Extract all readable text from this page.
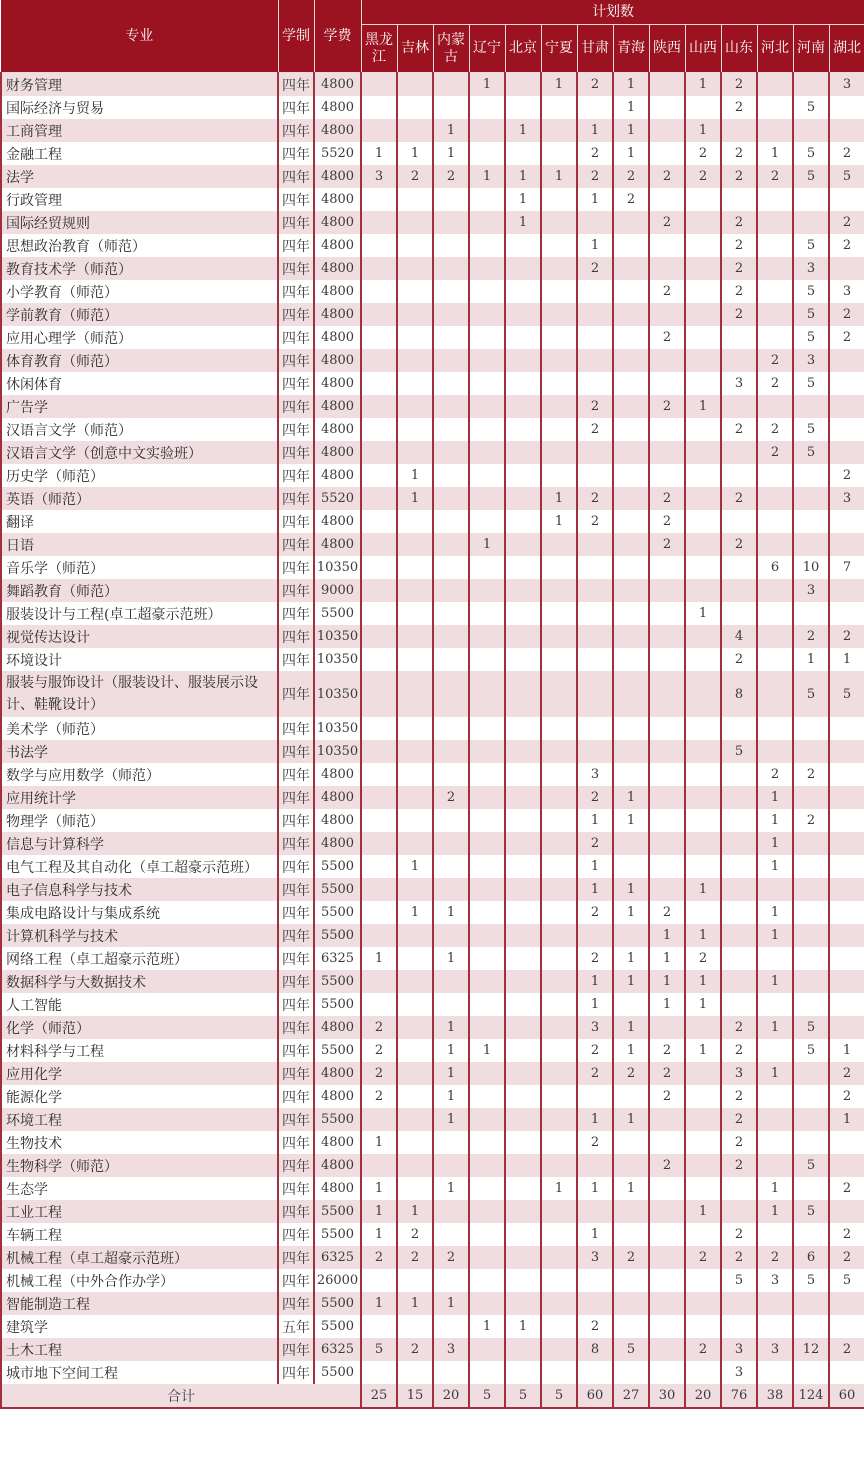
专业	学制	学费	计划数													
			黑龙江	吉林	内蒙古	辽宁	北京	宁夏	甘肃	青海	陕西	山西	山东	河北	河南	湖北
财务管理	四年	4800				1		1	2	1		1	2			3
国际经济与贸易	四年	4800								1			2		5	
工商管理	四年	4800			1		1		1	1		1				
金融工程	四年	5520	1	1	1				2	1		2	2	1	5	2
法学	四年	4800	3	2	2	1	1	1	2	2	2	2	2	2	5	5
行政管理	四年	4800					1		1	2						
国际经贸规则	四年	4800					1				2		2			2
思想政治教育（师范）	四年	4800							1				2		5	2
教育技术学（师范）	四年	4800							2				2		3	
小学教育（师范）	四年	4800									2		2		5	3
学前教育（师范）	四年	4800											2		5	2
应用心理学（师范）	四年	4800									2				5	2
体育教育（师范）	四年	4800												2	3	
休闲体育	四年	4800											3	2	5	
广告学	四年	4800							2		2	1				
汉语言文学（师范）	四年	4800							2				2	2	5	
汉语言文学（创意中文实验班）	四年	4800												2	5	
历史学（师范）	四年	4800		1												2
英语（师范）	四年	5520		1				1	2		2		2			3
翻译	四年	4800						1	2		2					
日语	四年	4800				1					2		2			
音乐学（师范）	四年	10350												6	10	7
舞蹈教育（师范）	四年	9000													3	
服装设计与工程(卓工超豪示范班）	四年	5500										1				
视觉传达设计	四年	10350											4		2	2
环境设计	四年	10350											2		1	1
服装与服饰设计（服装设计、服装展示设计、鞋靴设计）	四年	10350											8		5	5
美术学（师范）	四年	10350														
书法学	四年	10350											5			
数学与应用数学（师范）	四年	4800							3					2	2	
应用统计学	四年	4800			2				2	1				1		
物理学（师范）	四年	4800							1	1				1	2	
信息与计算科学	四年	4800							2					1		
电气工程及其自动化（卓工超豪示范班）	四年	5500		1					1					1		
电子信息科学与技术	四年	5500							1	1		1				
集成电路设计与集成系统	四年	5500		1	1				2	1	2			1		
计算机科学与技术	四年	5500									1	1		1		
网络工程（卓工超豪示范班）	四年	6325	1		1				2	1	1	2				
数据科学与大数据技术	四年	5500							1	1	1	1		1		
人工智能	四年	5500							1		1	1				
化学（师范）	四年	4800	2		1				3	1			2	1	5	
材料科学与工程	四年	5500	2		1	1			2	1	2	1	2		5	1
应用化学	四年	4800	2		1				2	2	2		3	1		2
能源化学	四年	4800	2		1						2		2			2
环境工程	四年	5500			1				1	1			2			1
生物技术	四年	4800	1						2				2			
生物科学（师范）	四年	4800									2		2		5	
生态学	四年	4800	1		1			1	1	1				1		2
工业工程	四年	5500	1	1								1		1	5	
车辆工程	四年	5500	1	2					1				2			2
机械工程（卓工超豪示范班）	四年	6325	2	2	2				3	2		2	2	2	6	2
机械工程（中外合作办学）	四年	26000											5	3	5	5
智能制造工程	四年	5500	1	1	1											
建筑学	五年	5500				1	1		2							
土木工程	四年	6325	5	2	3				8	5		2	3	3	12	2
城市地下空间工程	四年	5500											3			
合计			25	15	20	5	5	5	60	27	30	20	76	38	124	60
